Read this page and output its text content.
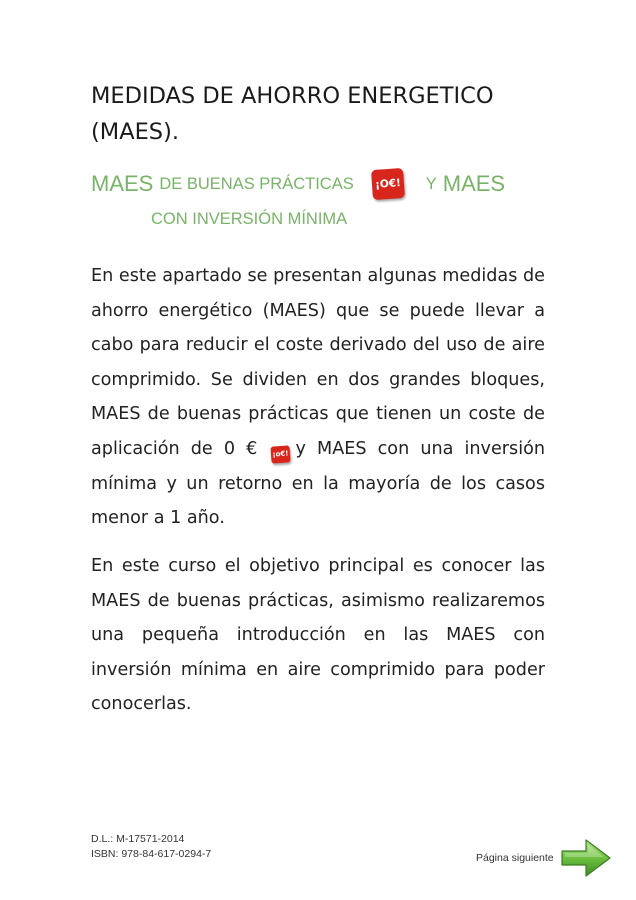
MEDIDAS DE AHORRO ENERGETICO (MAES).
MAES DE BUENAS PRÁCTICAS	¡O€! Y MAES
CON INVERSIÓN MÍNIMA

En este apartado se presentan algunas medidas de ahorro energético (MAES) que se puede llevar a cabo para reducir el coste derivado del uso de aire comprimido. Se dividen en dos grandes bloques, MAES de buenas prácticas que tienen un coste de aplicación de 0 € ¡o€! y MAES con una inversión mínima y un retorno en la mayoría de los casos menor a 1 año.

En este curso el objetivo principal es conocer las MAES de buenas prácticas, asimismo realizaremos una pequeña introducción en las MAES con inversión mínima en aire comprimido para poder conocerlas.

D.L.: M-17571-2014
ISBN: 978-84-617-0294-7	Página siguiente
